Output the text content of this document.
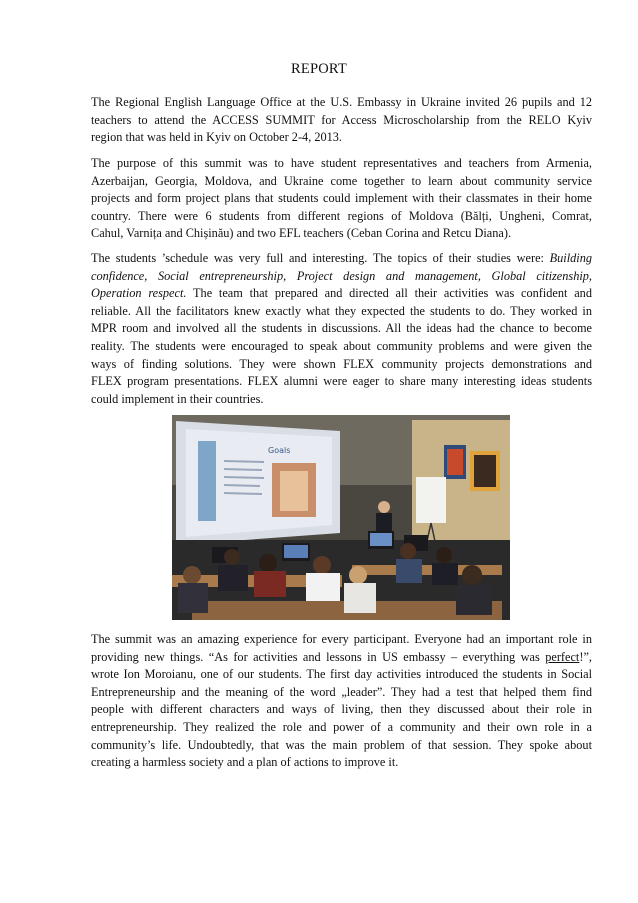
REPORT
The Regional English Language Office at the U.S. Embassy in Ukraine invited 26 pupils and 12
teachers to attend the ACCESS SUMMIT for Access Microscholarship from the RELO Kyiv
region that was held in Kyiv on October 2-4, 2013.
The purpose of this summit was to have student representatives and teachers from Armenia,
Azerbaijan, Georgia, Moldova, and Ukraine come together to learn about community service
projects and form project plans that students could implement with their classmates in their home
country. There were 6 students from different regions of Moldova (Bălți, Ungheni, Comrat,
Cahul, Varnița and Chișinău) and two EFL teachers (Ceban Corina and Retcu Diana).
The students ’schedule was very full and interesting. The topics of their studies were: Building
confidence, Social entrepreneurship, Project design and management, Global citizenship,
Operation respect. The team that prepared and directed all their activities was confident and
reliable. All the facilitators knew exactly what they expected the students to do. They worked in
MPR room and involved all the students in discussions. All the ideas had the chance to become
reality. The students were encouraged to speak about community problems and were given the
ways of finding solutions. They were shown FLEX community projects demonstrations and
FLEX program presentations. FLEX alumni were eager to share many interesting ideas students
could implement in their countries.
Goals
The summit was an amazing experience for every participant. Everyone had an important role in
providing new things. “As for activities and lessons in US embassy – everything was perfect!”,
wrote Ion Moroianu, one of our students. The first day activities introduced the students in Social
Entrepreneurship and the meaning of the word „leader”. They had a test that helped them find
people with different characters and ways of living, then they discussed about their role in
entrepreneurship. They realized the role and power of a community and their own role in a
community’s life. Undoubtedly, that was the main problem of that session. They spoke about
creating a harmless society and a plan of actions to improve it.
